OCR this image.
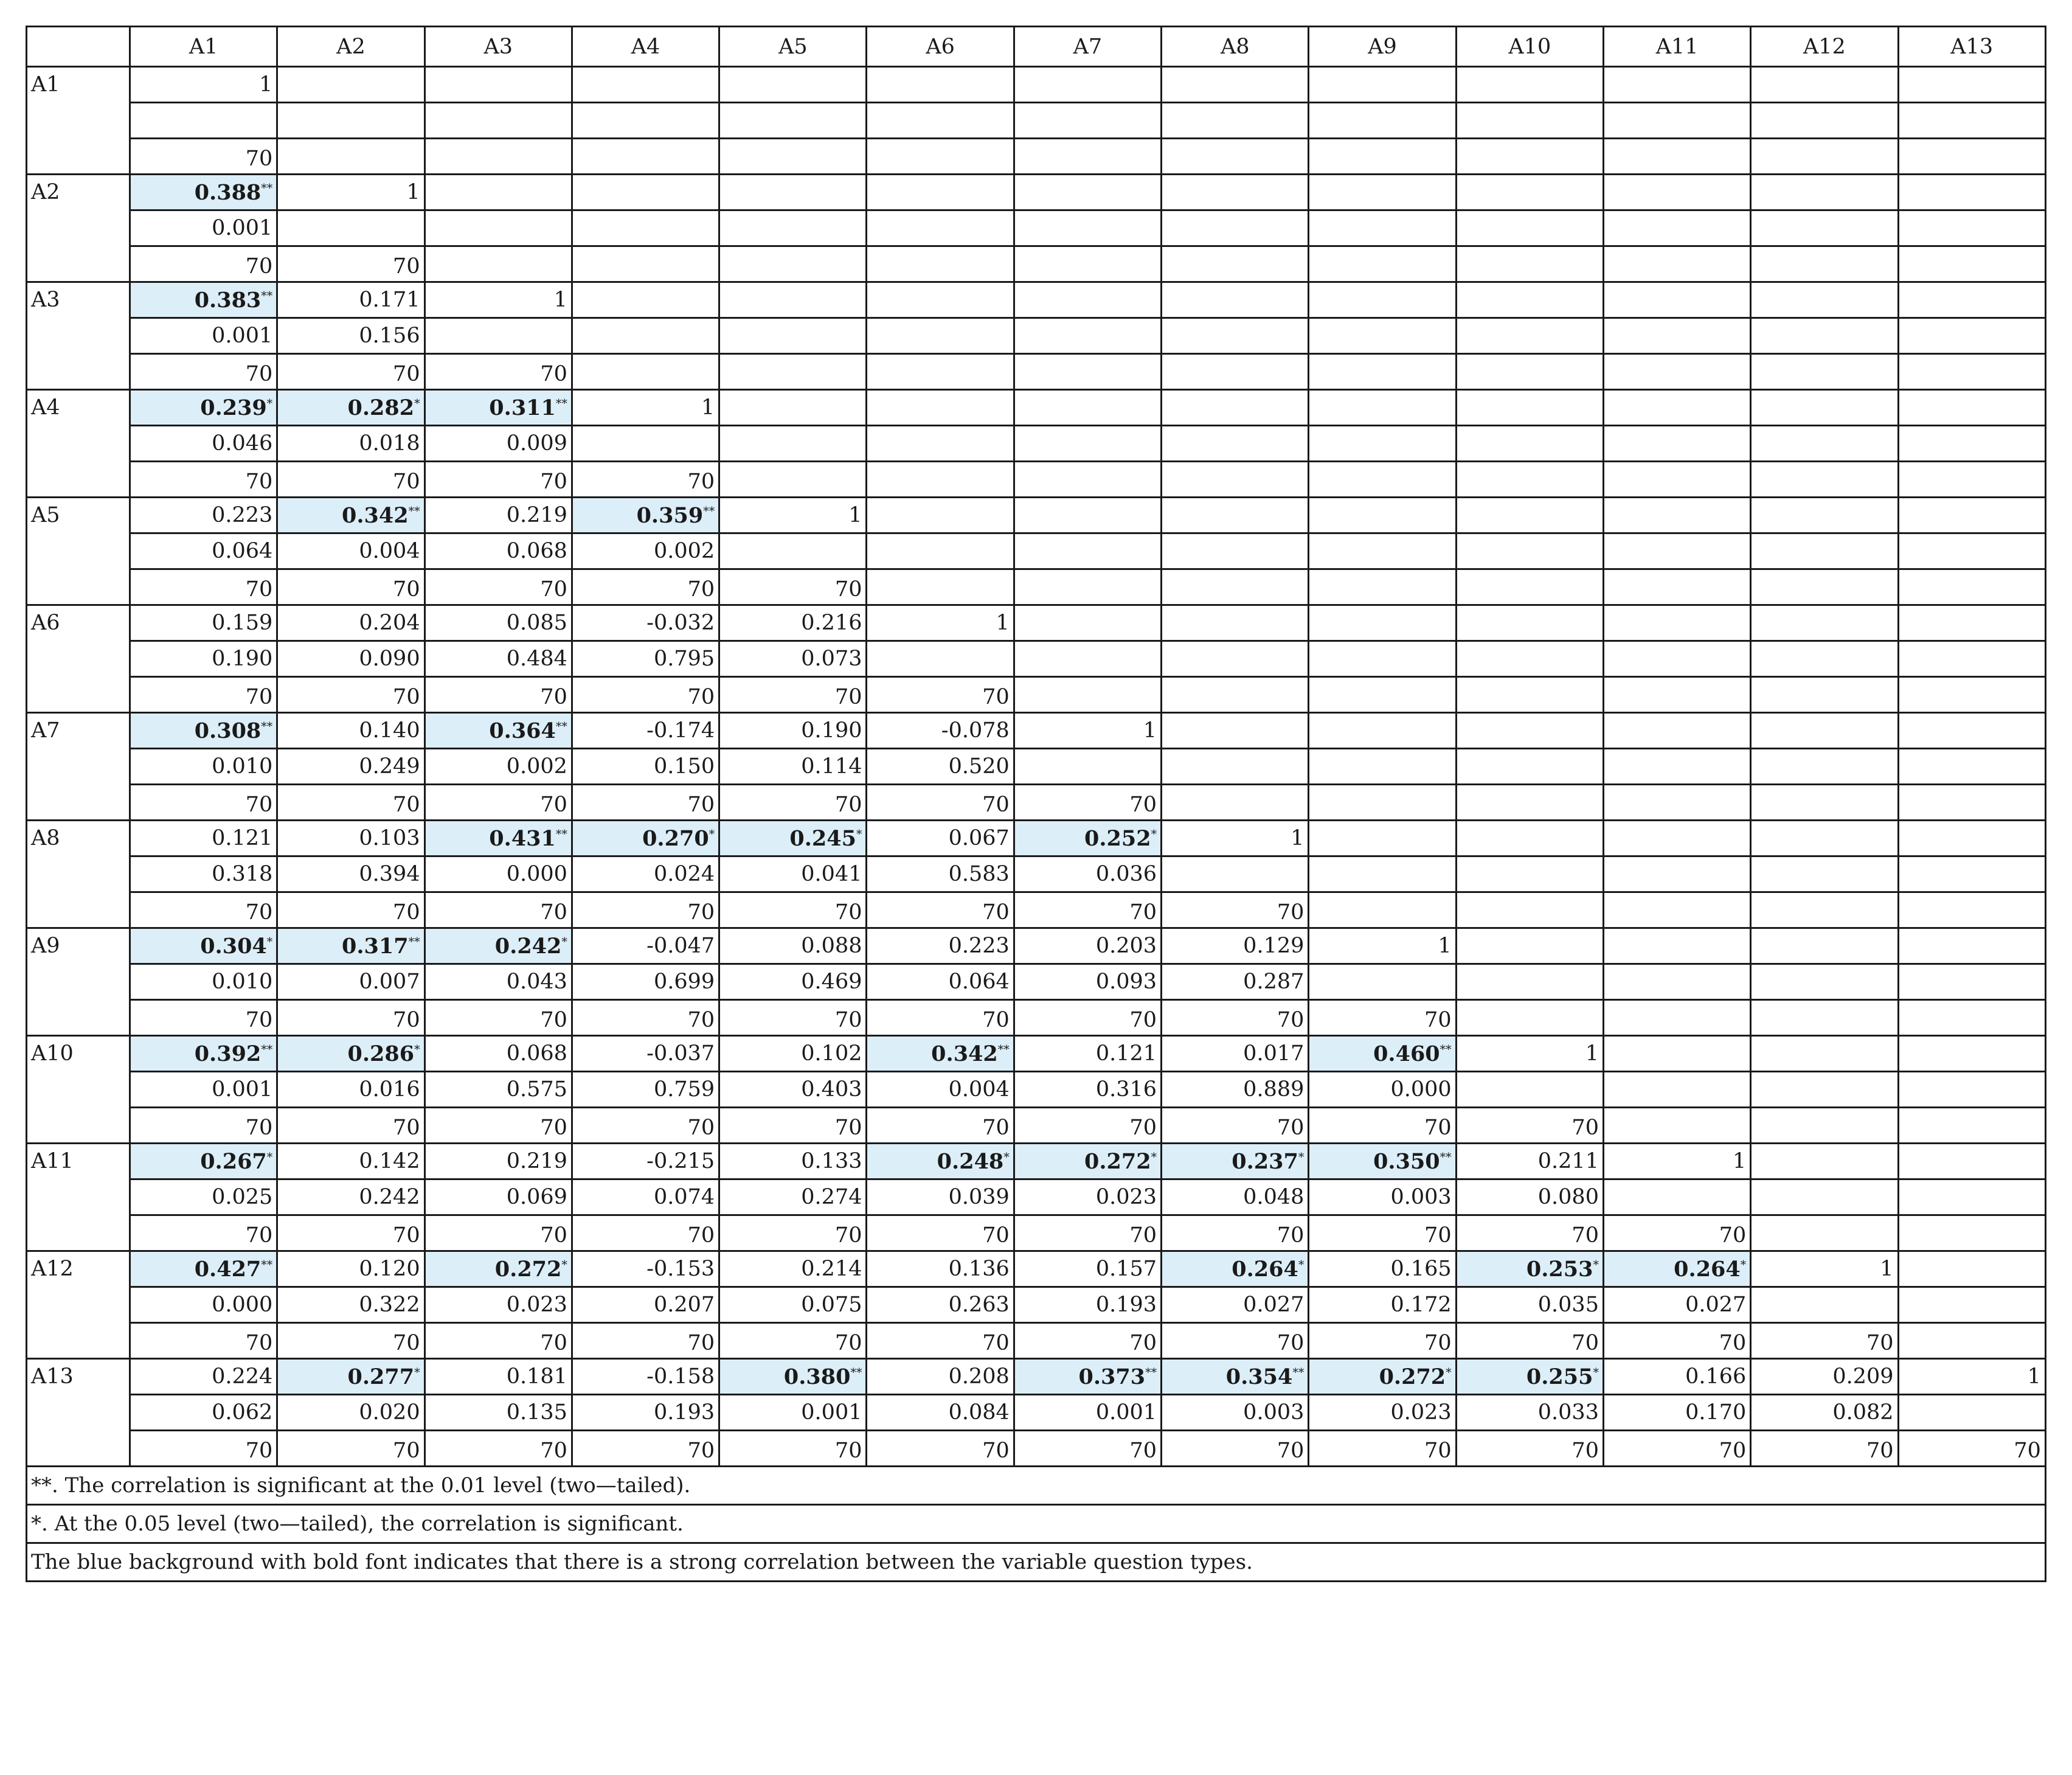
	A1	A2	A3	A4	A5	A6	A7	A8	A9	A10	A11	A12	A13
A1	1												

	70												
A2	0.388**	1											
	0.001												
	70	70											
A3	0.383**	0.171	1										
	0.001	0.156											
	70	70	70										
A4	0.239*	0.282*	0.311**	1									
	0.046	0.018	0.009										
	70	70	70	70									
A5	0.223	0.342**	0.219	0.359**	1								
	0.064	0.004	0.068	0.002									
	70	70	70	70	70								
A6	0.159	0.204	0.085	-0.032	0.216	1							
	0.190	0.090	0.484	0.795	0.073								
	70	70	70	70	70	70							
A7	0.308**	0.140	0.364**	-0.174	0.190	-0.078	1						
	0.010	0.249	0.002	0.150	0.114	0.520							
	70	70	70	70	70	70	70						
A8	0.121	0.103	0.431**	0.270*	0.245*	0.067	0.252*	1					
	0.318	0.394	0.000	0.024	0.041	0.583	0.036						
	70	70	70	70	70	70	70	70					
A9	0.304*	0.317**	0.242*	-0.047	0.088	0.223	0.203	0.129	1				
	0.010	0.007	0.043	0.699	0.469	0.064	0.093	0.287					
	70	70	70	70	70	70	70	70	70				
A10	0.392**	0.286*	0.068	-0.037	0.102	0.342**	0.121	0.017	0.460**	1			
	0.001	0.016	0.575	0.759	0.403	0.004	0.316	0.889	0.000				
	70	70	70	70	70	70	70	70	70	70			
A11	0.267*	0.142	0.219	-0.215	0.133	0.248*	0.272*	0.237*	0.350**	0.211	1		
	0.025	0.242	0.069	0.074	0.274	0.039	0.023	0.048	0.003	0.080			
	70	70	70	70	70	70	70	70	70	70	70		
A12	0.427**	0.120	0.272*	-0.153	0.214	0.136	0.157	0.264*	0.165	0.253*	0.264*	1	
	0.000	0.322	0.023	0.207	0.075	0.263	0.193	0.027	0.172	0.035	0.027		
	70	70	70	70	70	70	70	70	70	70	70	70	
A13	0.224	0.277*	0.181	-0.158	0.380**	0.208	0.373**	0.354**	0.272*	0.255*	0.166	0.209	1
	0.062	0.020	0.135	0.193	0.001	0.084	0.001	0.003	0.023	0.033	0.170	0.082	
	70	70	70	70	70	70	70	70	70	70	70	70	70
**. The correlation is significant at the 0.01 level (two—tailed).													
*. At the 0.05 level (two—tailed), the correlation is significant.													
The blue background with bold font indicates that there is a strong correlation between the variable question types.													
